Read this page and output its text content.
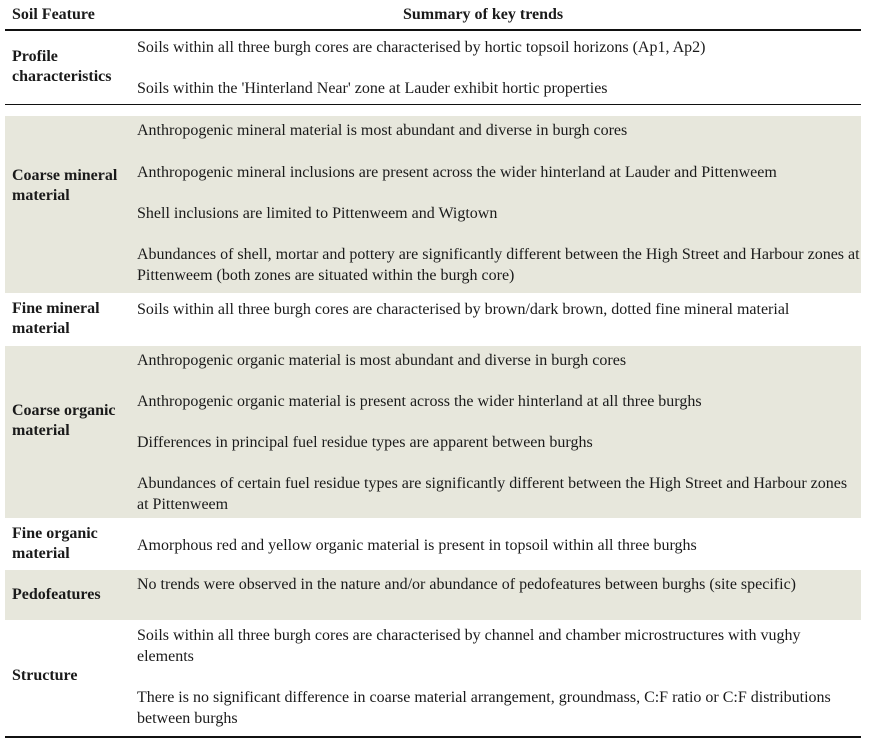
Soil Feature	Summary of key trends
Profile characteristics
Soils within all three burgh cores are characterised by hortic topsoil horizons (Ap1, Ap2)
Soils within the 'Hinterland Near' zone at Lauder exhibit hortic properties
Coarse mineral material
Anthropogenic mineral material is most abundant and diverse in burgh cores
Anthropogenic mineral inclusions are present across the wider hinterland at Lauder and Pittenweem
Shell inclusions are limited to Pittenweem and Wigtown
Abundances of shell, mortar and pottery are significantly different between the High Street and Harbour zones at Pittenweem (both zones are situated within the burgh core)
Fine mineral material
Soils within all three burgh cores are characterised by brown/dark brown, dotted fine mineral material
Coarse organic material
Anthropogenic organic material is most abundant and diverse in burgh cores
Anthropogenic organic material is present across the wider hinterland at all three burghs
Differences in principal fuel residue types are apparent between burghs
Abundances of certain fuel residue types are significantly different between the High Street and Harbour zones at Pittenweem
Fine organic material	Amorphous red and yellow organic material is present in topsoil within all three burghs
Pedofeatures
No trends were observed in the nature and/or abundance of pedofeatures between burghs (site specific)
Structure
Soils within all three burgh cores are characterised by channel and chamber microstructures with vughy elements
There is no significant difference in coarse material arrangement, groundmass, C:F ratio or C:F distributions between burghs
